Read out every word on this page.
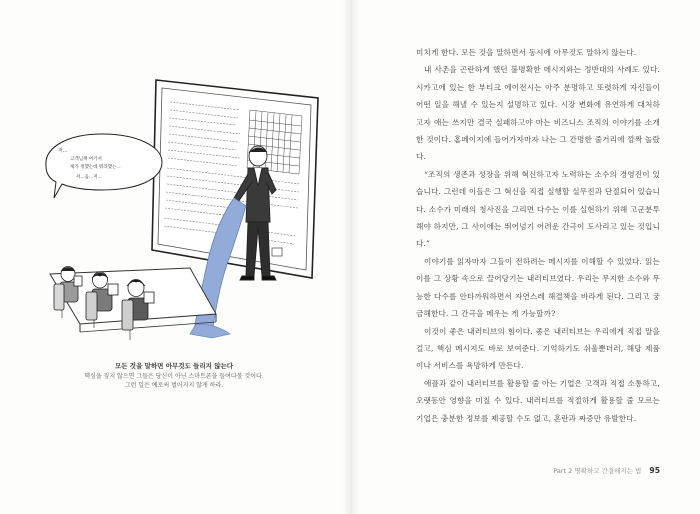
저...
고객님께 여기서
제가 정했는데 뭐라했는...
저...음...저...

모든 것을 말하면 아무것도 들리지 않는다

핵심을 짚지 않으면 그들은 당신이 아닌 스마트폰을 들여다볼 것이다.

그런 일은 예로써 벌어지지 않게 하라.

미치게 한다. 모든 것을 말하면서 동시에 아무것도 말하지 않는다.

내 사촌을 곤란하게 했던 불명확한 메시지와는 정반대의 사례도 있다. 시카고에 있는 한 부티크 에이전시는 아주 분명하고 또렷하게 자신들이 어떤 일을 해낼 수 있는지 설명하고 있다. 시장 변화에 유연하게 대처하고자 애는 쓰지만 결국 실패하고야 마는 비즈니스 조직의 이야기를 소개한 것이다. 홈페이지에 들어가자마자 나는 그 간명한 줄거리에 깜짝 놀랐다.

“조직의 생존과 성장을 위해 혁신하고자 노력하는 소수의 경영진이 있습니다. 그런데 이들은 그 혁신을 직접 실행할 실무진과 단절되어 있습니다. 소수가 미래의 청사진을 그리면 다수는 이를 실현하기 위해 고군분투해야 하지만, 그 사이에는 뛰어넘기 어려운 간극이 도사리고 있는 것입니다.”

이야기를 읽자마자 그들이 전하려는 메시지를 이해할 수 있었다. 읽는 이를 그 상황 속으로 끌어당기는 내러티브였다. 우리는 무지한 소수와 무능한 다수를 안타까워하면서 자연스레 해결책을 바라게 된다. 그리고 궁금해한다. 그 간극을 메우는 게 가능할까?

이것이 좋은 내러티브의 힘이다. 좋은 내러티브는 우리에게 직접 말을 걸고, 핵심 메시지도 바로 보여준다. 기억하기도 쉬울뿐더러, 해당 제품이나 서비스를 욕망하게 만든다.

애플과 같이 내러티브를 활용할 줄 아는 기업은 고객과 직접 소통하고, 오랫동안 영향을 미칠 수 있다. 내러티브를 적절하게 활용할 줄 모르는 기업은 충분한 정보를 제공할 수도 없고, 혼란과 짜증만 유발한다.

Part 2 명확하고 간결해지는 법 95
